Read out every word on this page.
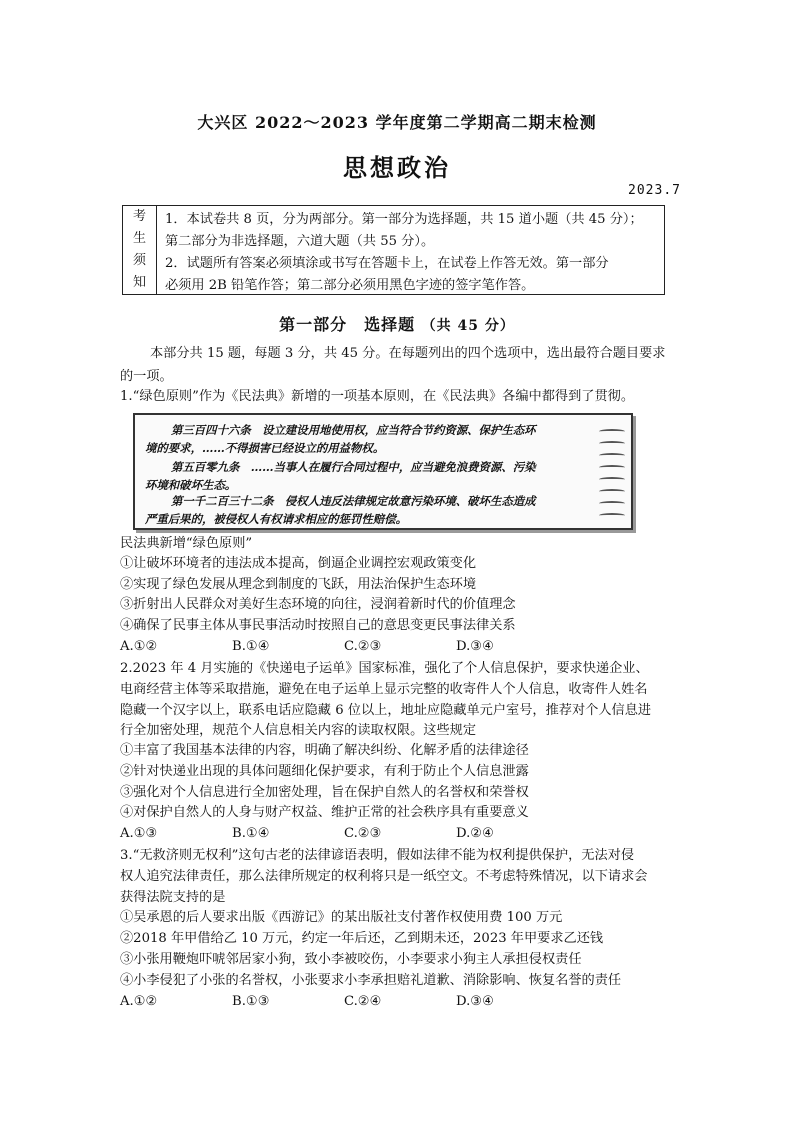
大兴区 2022～2023 学年度第二学期高二期末检测
思想政治
2023.7
考
生
须
知
1．本试卷共 8 页，分为两部分。第一部分为选择题，共 15 道小题（共 45 分）；
第二部分为非选择题，六道大题（共 55 分）。
2．试题所有答案必须填涂或书写在答题卡上，在试卷上作答无效。第一部分
必须用 2B 铅笔作答；第二部分必须用黑色字迹的签字笔作答。
第一部分　选择题 （共 45 分）
本部分共 15 题，每题 3 分，共 45 分。在每题列出的四个选项中，选出最符合题目要求
的一项。
1.“绿色原则”作为《民法典》新增的一项基本原则，在《民法典》各编中都得到了贯彻。
第三百四十六条　设立建设用地使用权，应当符合节约资源、保护生态环
境的要求，……不得损害已经设立的用益物权。
第五百零九条　……当事人在履行合同过程中，应当避免浪费资源、污染
环境和破坏生态。
第一千二百三十二条　侵权人违反法律规定故意污染环境、破坏生态造成
严重后果的，被侵权人有权请求相应的惩罚性赔偿。
民法典新增“绿色原则”
①让破坏环境者的违法成本提高，倒逼企业调控宏观政策变化
②实现了绿色发展从理念到制度的飞跃，用法治保护生态环境
③折射出人民群众对美好生态环境的向往，浸润着新时代的价值理念
④确保了民事主体从事民事活动时按照自己的意思变更民事法律关系
A.①②	B.①④	C.②③	D.③④
2.2023 年 4 月实施的《快递电子运单》国家标准，强化了个人信息保护，要求快递企业、
电商经营主体等采取措施，避免在电子运单上显示完整的收寄件人个人信息，收寄件人姓名
隐藏一个汉字以上，联系电话应隐藏 6 位以上，地址应隐藏单元户室号，推荐对个人信息进
行全加密处理，规范个人信息相关内容的读取权限。这些规定
①丰富了我国基本法律的内容，明确了解决纠纷、化解矛盾的法律途径
②针对快递业出现的具体问题细化保护要求，有利于防止个人信息泄露
③强化对个人信息进行全加密处理，旨在保护自然人的名誉权和荣誉权
④对保护自然人的人身与财产权益、维护正常的社会秩序具有重要意义
A.①③	B.①④	C.②③	D.②④
3.“无救济则无权利”这句古老的法律谚语表明，假如法律不能为权利提供保护，无法对侵
权人追究法律责任，那么法律所规定的权利将只是一纸空文。不考虑特殊情况，以下请求会
获得法院支持的是
①吴承恩的后人要求出版《西游记》的某出版社支付著作权使用费 100 万元
②2018 年甲借给乙 10 万元，约定一年后还，乙到期未还，2023 年甲要求乙还钱
③小张用鞭炮吓唬邻居家小狗，致小李被咬伤，小李要求小狗主人承担侵权责任
④小李侵犯了小张的名誉权，小张要求小李承担赔礼道歉、消除影响、恢复名誉的责任
A.①②	B.①③	C.②④	D.③④
